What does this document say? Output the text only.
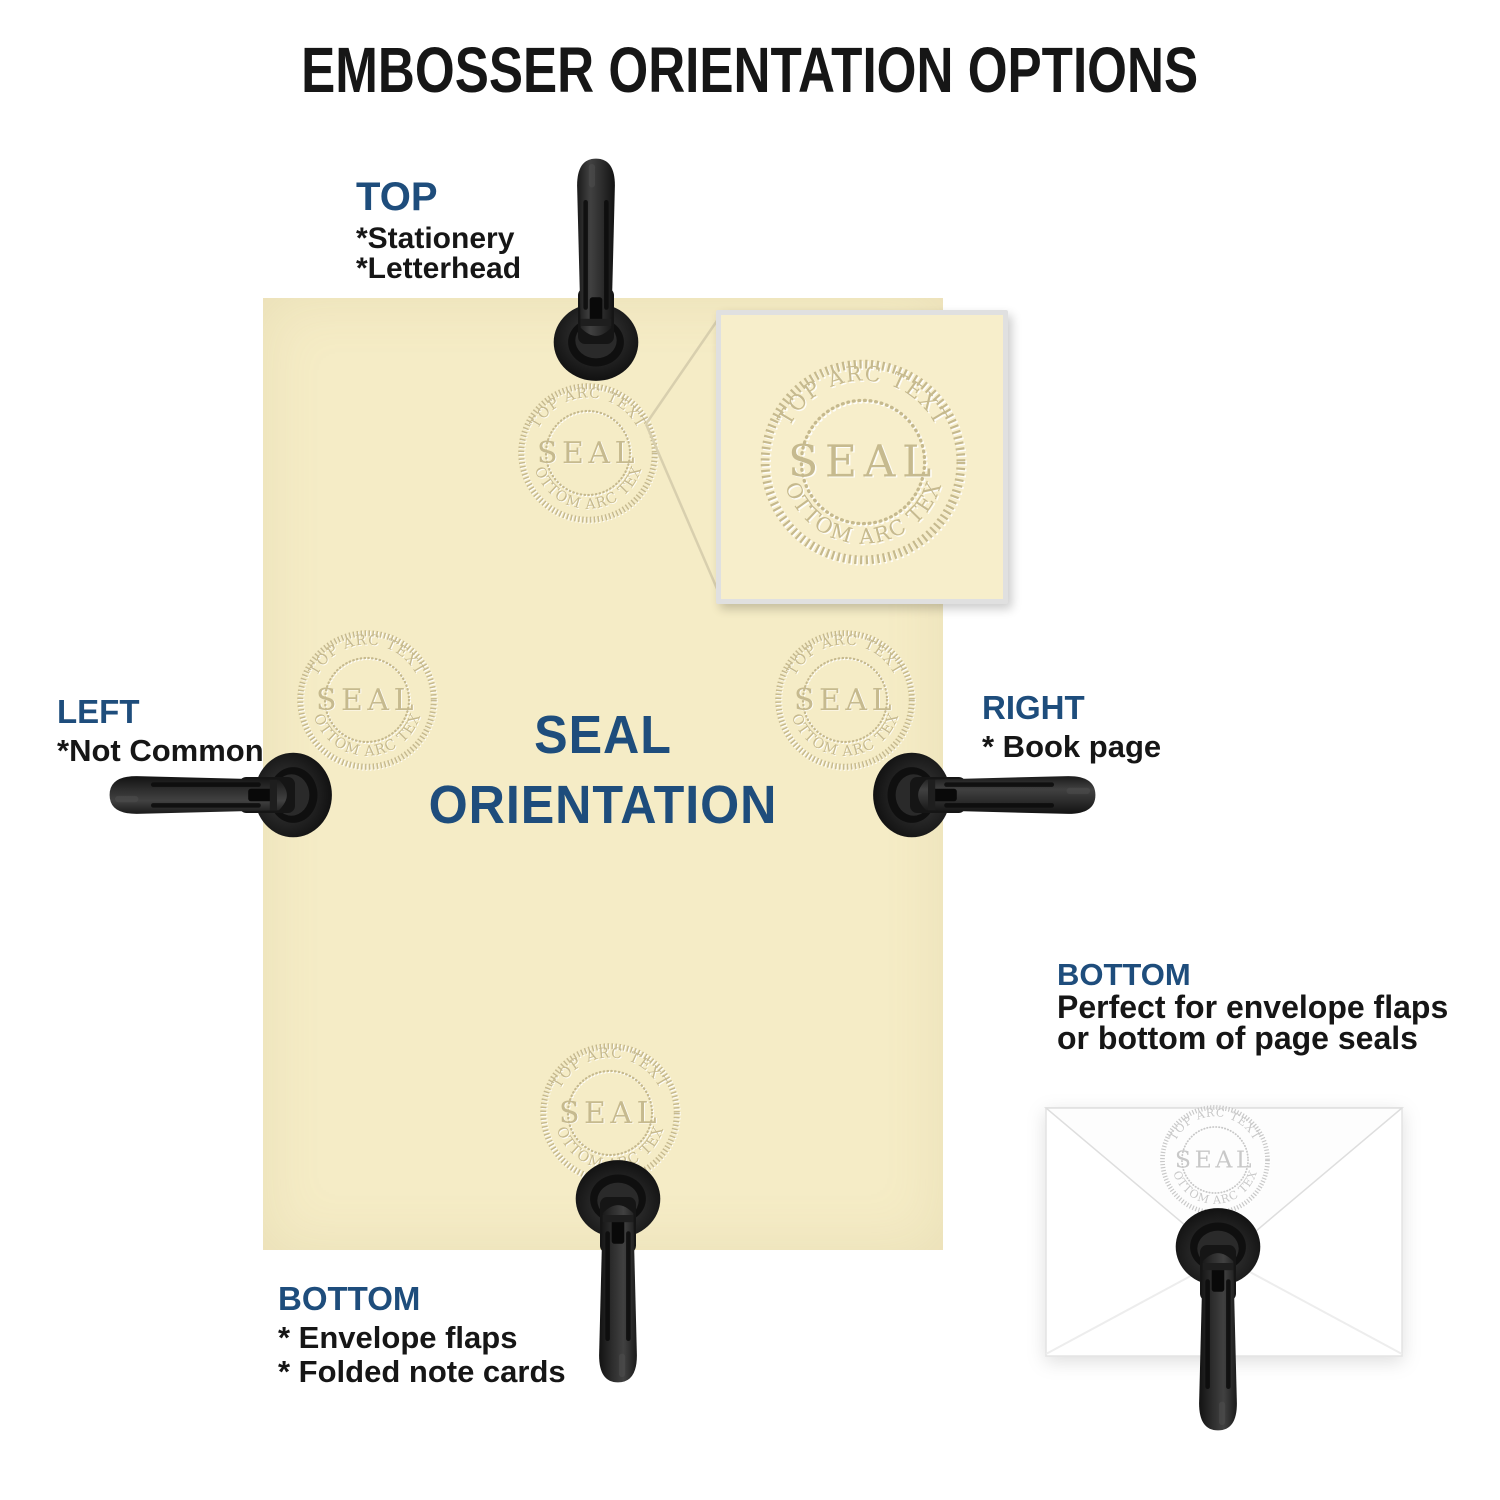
EMBOSSER ORIENTATION OPTIONS
SEAL
ORIENTATION
TOP
*Stationery
*Letterhead
LEFT
*Not Common
RIGHT
* Book page
BOTTOM
* Envelope flaps
* Folded note cards
BOTTOM
Perfect for envelope flaps
or bottom of page seals
